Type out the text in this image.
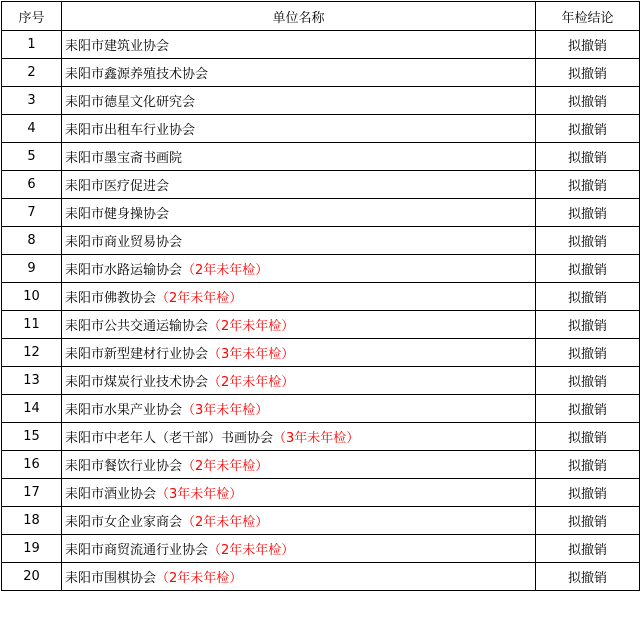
序号	单位名称	年检结论
1	耒阳市建筑业协会	拟撤销
2	耒阳市鑫源养殖技术协会	拟撤销
3	耒阳市德星文化研究会	拟撤销
4	耒阳市出租车行业协会	拟撤销
5	耒阳市墨宝斋书画院	拟撤销
6	耒阳市医疗促进会	拟撤销
7	耒阳市健身操协会	拟撤销
8	耒阳市商业贸易协会	拟撤销
9	耒阳市水路运输协会（2年未年检）	拟撤销
10	耒阳市佛教协会（2年未年检）	拟撤销
11	耒阳市公共交通运输协会（2年未年检）	拟撤销
12	耒阳市新型建材行业协会（3年未年检）	拟撤销
13	耒阳市煤炭行业技术协会（2年未年检）	拟撤销
14	耒阳市水果产业协会（3年未年检）	拟撤销
15	耒阳市中老年人（老干部）书画协会（3年未年检）	拟撤销
16	耒阳市餐饮行业协会（2年未年检）	拟撤销
17	耒阳市酒业协会（3年未年检）	拟撤销
18	耒阳市女企业家商会（2年未年检）	拟撤销
19	耒阳市商贸流通行业协会（2年未年检）	拟撤销
20	耒阳市围棋协会（2年未年检）	拟撤销
